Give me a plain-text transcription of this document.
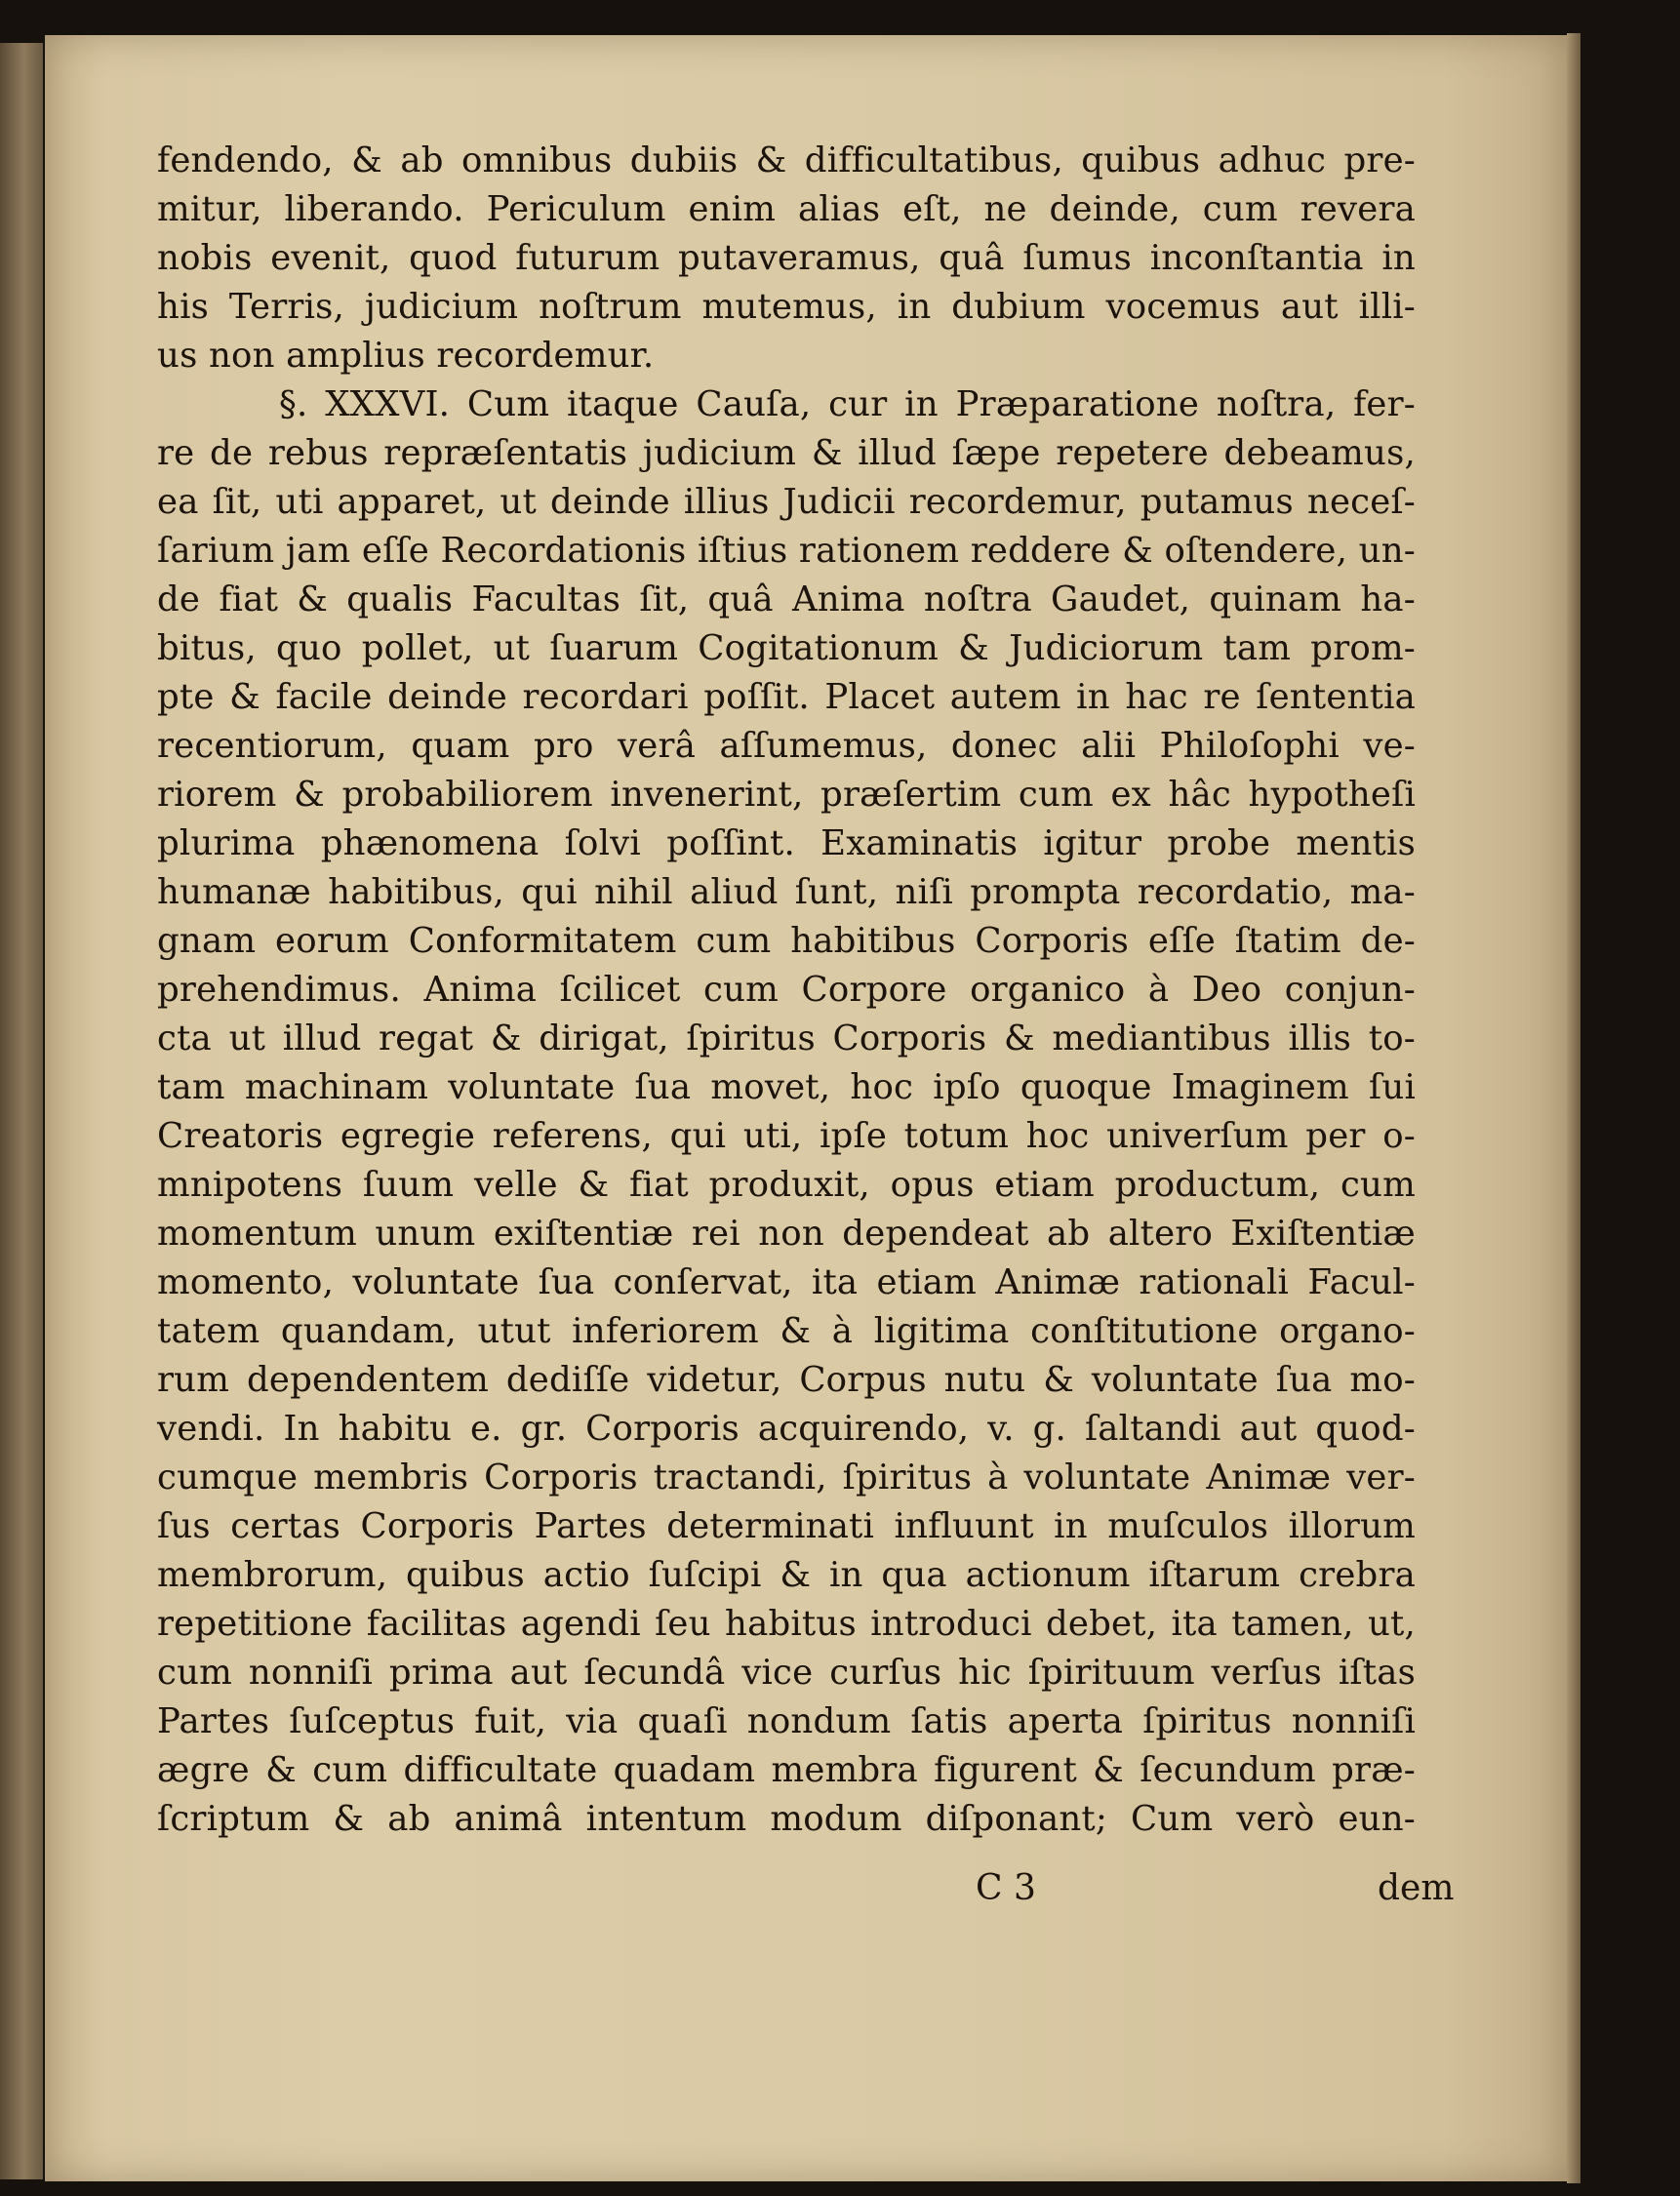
fendendo, & ab omnibus dubiis & difficultatibus, quibus adhuc pre-
mitur, liberando. Periculum enim alias eſt, ne deinde, cum revera
nobis evenit, quod futurum putaveramus, quâ ſumus inconſtantia in
his Terris, judicium noſtrum mutemus, in dubium vocemus aut illi-
us non amplius recordemur.
§. XXXVI. Cum itaque Cauſa, cur in Præparatione noſtra, fer-
re de rebus repræſentatis judicium & illud ſæpe repetere debeamus,
ea ſit, uti apparet, ut deinde illius Judicii recordemur, putamus neceſ-
ſarium jam eſſe Recordationis iſtius rationem reddere & oſtendere, un-
de fiat & qualis Facultas ſit, quâ Anima noſtra Gaudet, quinam ha-
bitus, quo pollet, ut ſuarum Cogitationum & Judiciorum tam prom-
pte & facile deinde recordari poſſit. Placet autem in hac re ſententia
recentiorum, quam pro verâ aſſumemus, donec alii Philoſophi ve-
riorem & probabiliorem invenerint, præſertim cum ex hâc hypotheſi
plurima phænomena ſolvi poſſint. Examinatis igitur probe mentis
humanæ habitibus, qui nihil aliud ſunt, niſi prompta recordatio, ma-
gnam eorum Conformitatem cum habitibus Corporis eſſe ſtatim de-
prehendimus. Anima ſcilicet cum Corpore organico à Deo conjun-
cta ut illud regat & dirigat, ſpiritus Corporis & mediantibus illis to-
tam machinam voluntate ſua movet, hoc ipſo quoque Imaginem ſui
Creatoris egregie referens, qui uti, ipſe totum hoc univerſum per o-
mnipotens ſuum velle & fiat produxit, opus etiam productum, cum
momentum unum exiſtentiæ rei non dependeat ab altero Exiſtentiæ
momento, voluntate ſua conſervat, ita etiam Animæ rationali Facul-
tatem quandam, utut inferiorem & à ligitima conſtitutione organo-
rum dependentem dediſſe videtur, Corpus nutu & voluntate ſua mo-
vendi. In habitu e. gr. Corporis acquirendo, v. g. ſaltandi aut quod-
cumque membris Corporis tractandi, ſpiritus à voluntate Animæ ver-
ſus certas Corporis Partes determinati influunt in muſculos illorum
membrorum, quibus actio ſuſcipi & in qua actionum iſtarum crebra
repetitione facilitas agendi ſeu habitus introduci debet, ita tamen, ut,
cum nonniſi prima aut ſecundâ vice curſus hic ſpirituum verſus iſtas
Partes ſuſceptus fuit, via quaſi nondum ſatis aperta ſpiritus nonniſi
ægre & cum difficultate quadam membra figurent & ſecundum præ-
ſcriptum & ab animâ intentum modum diſponant; Cum verò eun-
C 3	dem
